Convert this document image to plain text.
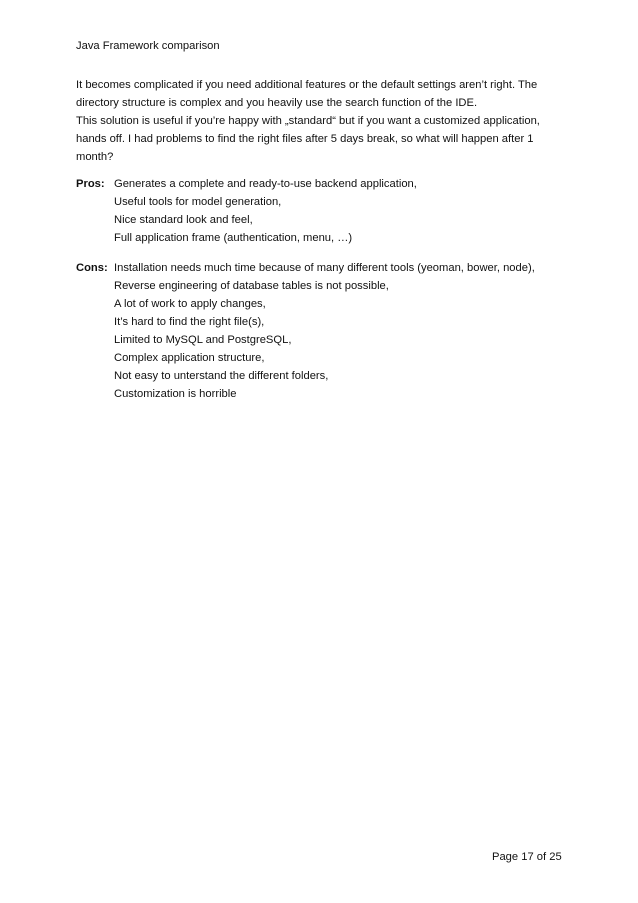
Java Framework comparison
It becomes complicated if you need additional features or the default settings aren’t right. The
directory structure is complex and you heavily use the search function of the IDE.
This solution is useful if you’re happy with „standard“ but if you want a customized application,
hands off. I had problems to find the right files after 5 days break, so what will happen after 1
month?
Pros: Generates a complete and ready-to-use backend application,
Useful tools for model generation,
Nice standard look and feel,
Full application frame (authentication, menu, …)
Cons: Installation needs much time because of many different tools (yeoman, bower, node),
Reverse engineering of database tables is not possible,
A lot of work to apply changes,
It’s hard to find the right file(s),
Limited to MySQL and PostgreSQL,
Complex application structure,
Not easy to unterstand the different folders,
Customization is horrible
Page 17 of 25
